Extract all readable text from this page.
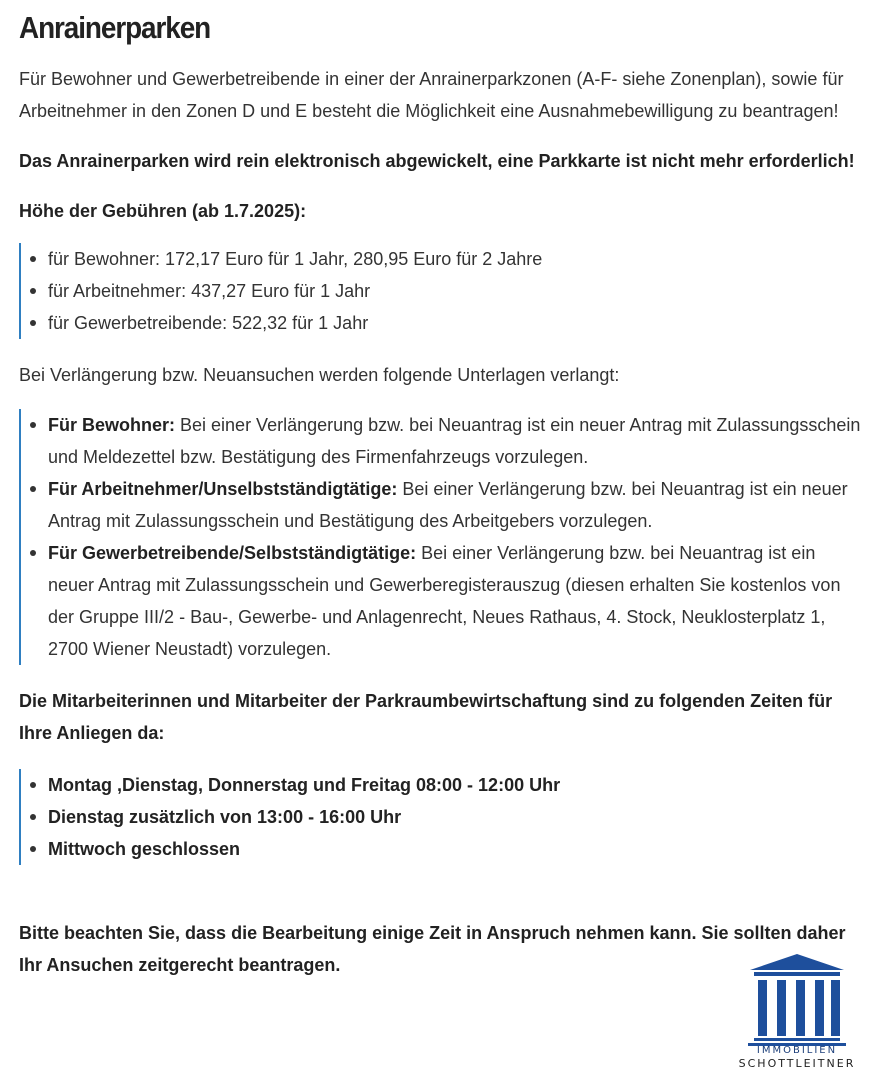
Anrainerparken

Für Bewohner und Gewerbetreibende in einer der Anrainerparkzonen (A-F- siehe Zonenplan), sowie für Arbeitnehmer in den Zonen D und E besteht die Möglichkeit eine Ausnahmebewilligung zu beantragen!

Das Anrainerparken wird rein elektronisch abgewickelt, eine Parkkarte ist nicht mehr erforderlich!

Höhe der Gebühren (ab 1.7.2025):

für Bewohner: 172,17 Euro für 1 Jahr, 280,95 Euro für 2 Jahre
für Arbeitnehmer: 437,27 Euro für 1 Jahr
für Gewerbetreibende: 522,32 für 1 Jahr

Bei Verlängerung bzw. Neuansuchen werden folgende Unterlagen verlangt:

Für Bewohner: Bei einer Verlängerung bzw. bei Neuantrag ist ein neuer Antrag mit Zulassungsschein und Meldezettel bzw. Bestätigung des Firmenfahrzeugs vorzulegen.
Für Arbeitnehmer/Unselbstständigtätige: Bei einer Verlängerung bzw. bei Neuantrag ist ein neuer Antrag mit Zulassungsschein und Bestätigung des Arbeitgebers vorzulegen.
Für Gewerbetreibende/Selbstständigtätige: Bei einer Verlängerung bzw. bei Neuantrag ist ein neuer Antrag mit Zulassungsschein und Gewerberegisterauszug (diesen erhalten Sie kostenlos von der Gruppe III/2 - Bau-, Gewerbe- und Anlagenrecht, Neues Rathaus, 4. Stock, Neuklosterplatz 1, 2700 Wiener Neustadt) vorzulegen.

Die Mitarbeiterinnen und Mitarbeiter der Parkraumbewirtschaftung sind zu folgenden Zeiten für Ihre Anliegen da:

Montag ,Dienstag, Donnerstag und Freitag 08:00 - 12:00 Uhr
Dienstag zusätzlich von 13:00 - 16:00 Uhr
Mittwoch geschlossen

Bitte beachten Sie, dass die Bearbeitung einige Zeit in Anspruch nehmen kann. Sie sollten daher Ihr Ansuchen zeitgerecht beantragen.

IMMOBILIEN
SCHOTTLEITNER
